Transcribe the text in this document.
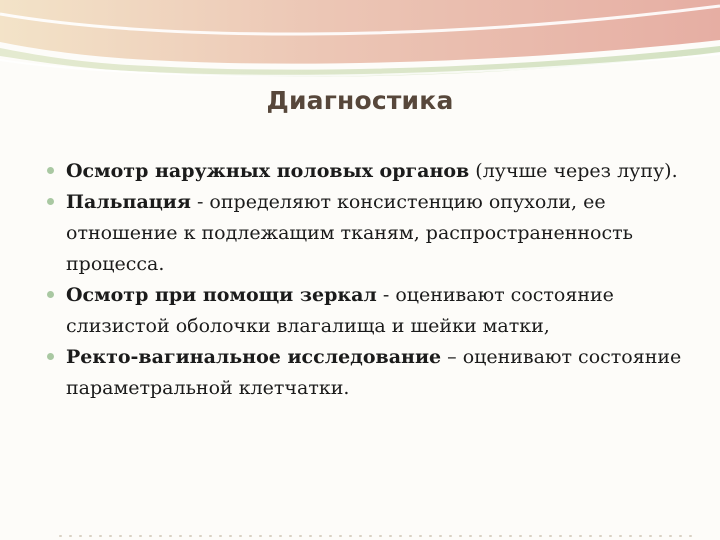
Диагностика
Осмотр наружных половых органов (лучше через лупу).
Пальпация - определяют консистенцию опухоли, ее отношение к подлежащим тканям, распространенность процесса.
Осмотр при помощи зеркал - оценивают состояние слизистой оболочки влагалища и шейки матки,
Ректо-вагинальное исследование – оценивают состояние параметральной клетчатки.
